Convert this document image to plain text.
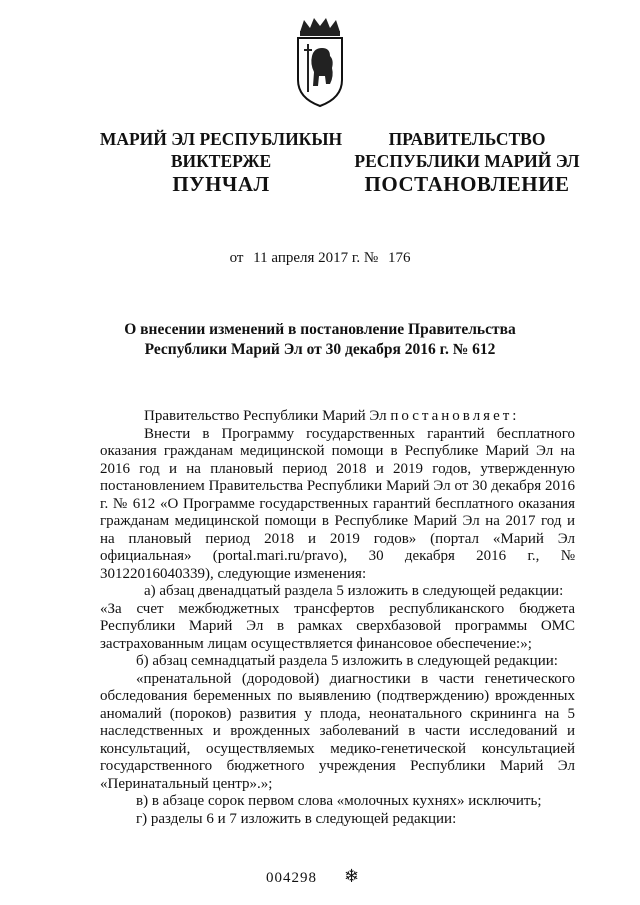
МАРИЙ ЭЛ РЕСПУБЛИКЫН
ВИКТЕРЖЕ
ПРАВИТЕЛЬСТВО
РЕСПУБЛИКИ МАРИЙ ЭЛ
ПУНЧАЛ	ПОСТАНОВЛЕНИЕ
от 11 апреля 2017 г. № 176
О внесении изменений в постановление Правительства
Республики Марий Эл от 30 декабря 2016 г. № 612

Правительство Республики Марий Эл постановляет:

Внести в Программу государственных гарантий бесплатного оказания гражданам медицинской помощи в Республике Марий Эл на 2016 год и на плановый период 2018 и 2019 годов, утвержденную постановлением Правительства Республики Марий Эл от 30 декабря 2016 г. № 612 «О Программе государственных гарантий бесплатного оказания гражданам медицинской помощи в Республике Марий Эл на 2017 год и на плановый период 2018 и 2019 годов» (портал «Марий Эл официальная» (portal.mari.ru/pravo), 30 декабря 2016 г., № 30122016040339), следующие изменения:

а) абзац двенадцатый раздела 5 изложить в следующей редакции:

«За счет межбюджетных трансфертов республиканского бюджета Республики Марий Эл в рамках сверхбазовой программы ОМС застрахованным лицам осуществляется финансовое обеспечение:»;

б) абзац семнадцатый раздела 5 изложить в следующей редакции:

«пренатальной (дородовой) диагностики в части генетического обследования беременных по выявлению (подтверждению) врожденных аномалий (пороков) развития у плода, неонатального скрининга на 5 наследственных и врожденных заболеваний в части исследований и консультаций, осуществляемых медико-генетической консультацией государственного бюджетного учреждения Республики Марий Эл «Перинатальный центр».»;

в) в абзаце сорок первом слова «молочных кухнях» исключить;

г) разделы 6 и 7 изложить в следующей редакции:

004298 ❄
